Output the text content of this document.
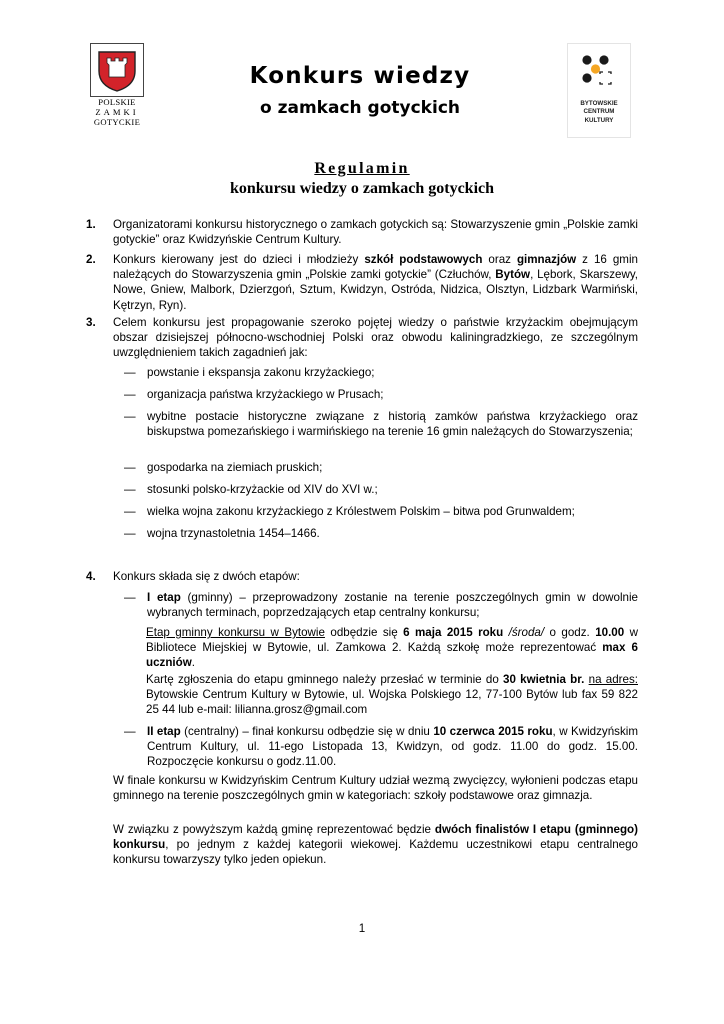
POLSKIE
ZAMKI
GOTYCKIE
Konkurs wiedzy
o zamkach gotyckich	BYTOWSKIE
CENTRUM
KULTURY
Regulamin
konkursu wiedzy o zamkach gotyckich
1. Organizatorami konkursu historycznego o zamkach gotyckich są: Stowarzyszenie gmin „Polskie zamki gotyckie” oraz Kwidzyńskie Centrum Kultury.
2. Konkurs kierowany jest do dzieci i młodzieży szkół podstawowych oraz gimnazjów z 16 gmin należących do Stowarzyszenia gmin „Polskie zamki gotyckie” (Człuchów, Bytów, Lębork, Skarszewy, Nowe, Gniew, Malbork, Dzierzgoń, Sztum, Kwidzyn, Ostróda, Nidzica, Olsztyn, Lidzbark Warmiński, Kętrzyn, Ryn).
3. Celem konkursu jest propagowanie szeroko pojętej wiedzy o państwie krzyżackim obejmującym obszar dzisiejszej północno-wschodniej Polski oraz obwodu kaliningradzkiego, ze szczególnym uwzględnieniem takich zagadnień jak:
— powstanie i ekspansja zakonu krzyżackiego;
— organizacja państwa krzyżackiego w Prusach;
— wybitne postacie historyczne związane z historią zamków państwa krzyżackiego oraz biskupstwa pomezańskiego i warmińskiego na terenie 16 gmin należących do Stowarzyszenia;
— gospodarka na ziemiach pruskich;
— stosunki polsko-krzyżackie od XIV do XVI w.;
— wielka wojna zakonu krzyżackiego z Królestwem Polskim – bitwa pod Grunwaldem;
— wojna trzynastoletnia 1454–1466.
4. Konkurs składa się z dwóch etapów:
— I etap (gminny) – przeprowadzony zostanie na terenie poszczególnych gmin w dowolnie wybranych terminach, poprzedzających etap centralny konkursu;
Etap gminny konkursu w Bytowie odbędzie się 6 maja 2015 roku /środa/ o godz. 10.00 w Bibliotece Miejskiej w Bytowie, ul. Zamkowa 2. Każdą szkołę może reprezentować max 6 uczniów.
Kartę zgłoszenia do etapu gminnego należy przesłać w terminie do 30 kwietnia br. na adres: Bytowskie Centrum Kultury w Bytowie, ul. Wojska Polskiego 12, 77-100 Bytów lub fax 59 822 25 44 lub e-mail: lilianna.grosz@gmail.com
— II etap (centralny) – finał konkursu odbędzie się w dniu 10 czerwca 2015 roku, w Kwidzyńskim Centrum Kultury, ul. 11-ego Listopada 13, Kwidzyn, od godz. 11.00 do godz. 15.00. Rozpoczęcie konkursu o godz.11.00.
W finale konkursu w Kwidzyńskim Centrum Kultury udział wezmą zwycięzcy, wyłonieni podczas etapu gminnego na terenie poszczególnych gmin w kategoriach: szkoły podstawowe oraz gimnazja.
W związku z powyższym każdą gminę reprezentować będzie dwóch finalistów I etapu (gminnego) konkursu, po jednym z każdej kategorii wiekowej. Każdemu uczestnikowi etapu centralnego konkursu towarzyszy tylko jeden opiekun.
1
